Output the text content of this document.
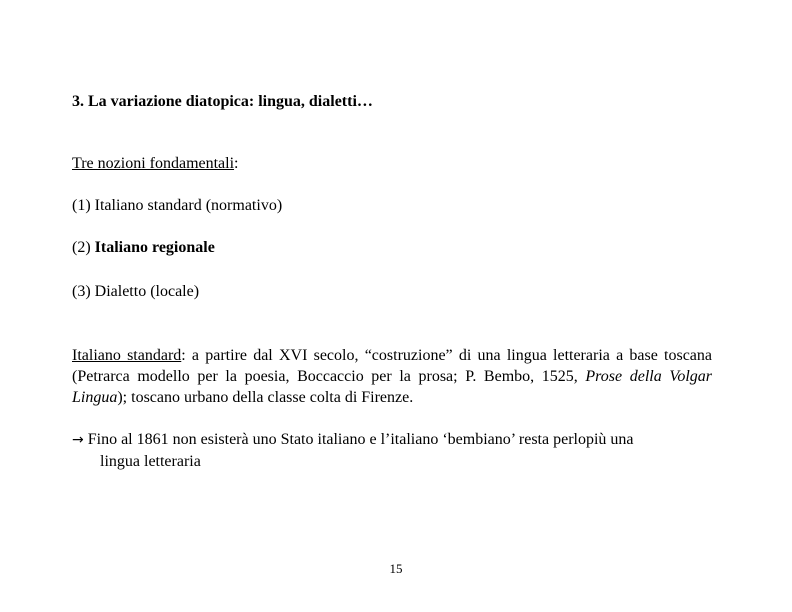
3. La variazione diatopica: lingua, dialetti…
Tre nozioni fondamentali:
(1) Italiano standard (normativo)
(2) Italiano regionale
(3) Dialetto (locale)
Italiano standard: a partire dal XVI secolo, “costruzione” di una lingua letteraria a base toscana (Petrarca modello per la poesia, Boccaccio per la prosa; P. Bembo, 1525, Prose della Volgar Lingua); toscano urbano della classe colta di Firenze.
→ Fino al 1861 non esisterà uno Stato italiano e l’italiano ‘bembiano’ resta perlopiù una
lingua letteraria
15
